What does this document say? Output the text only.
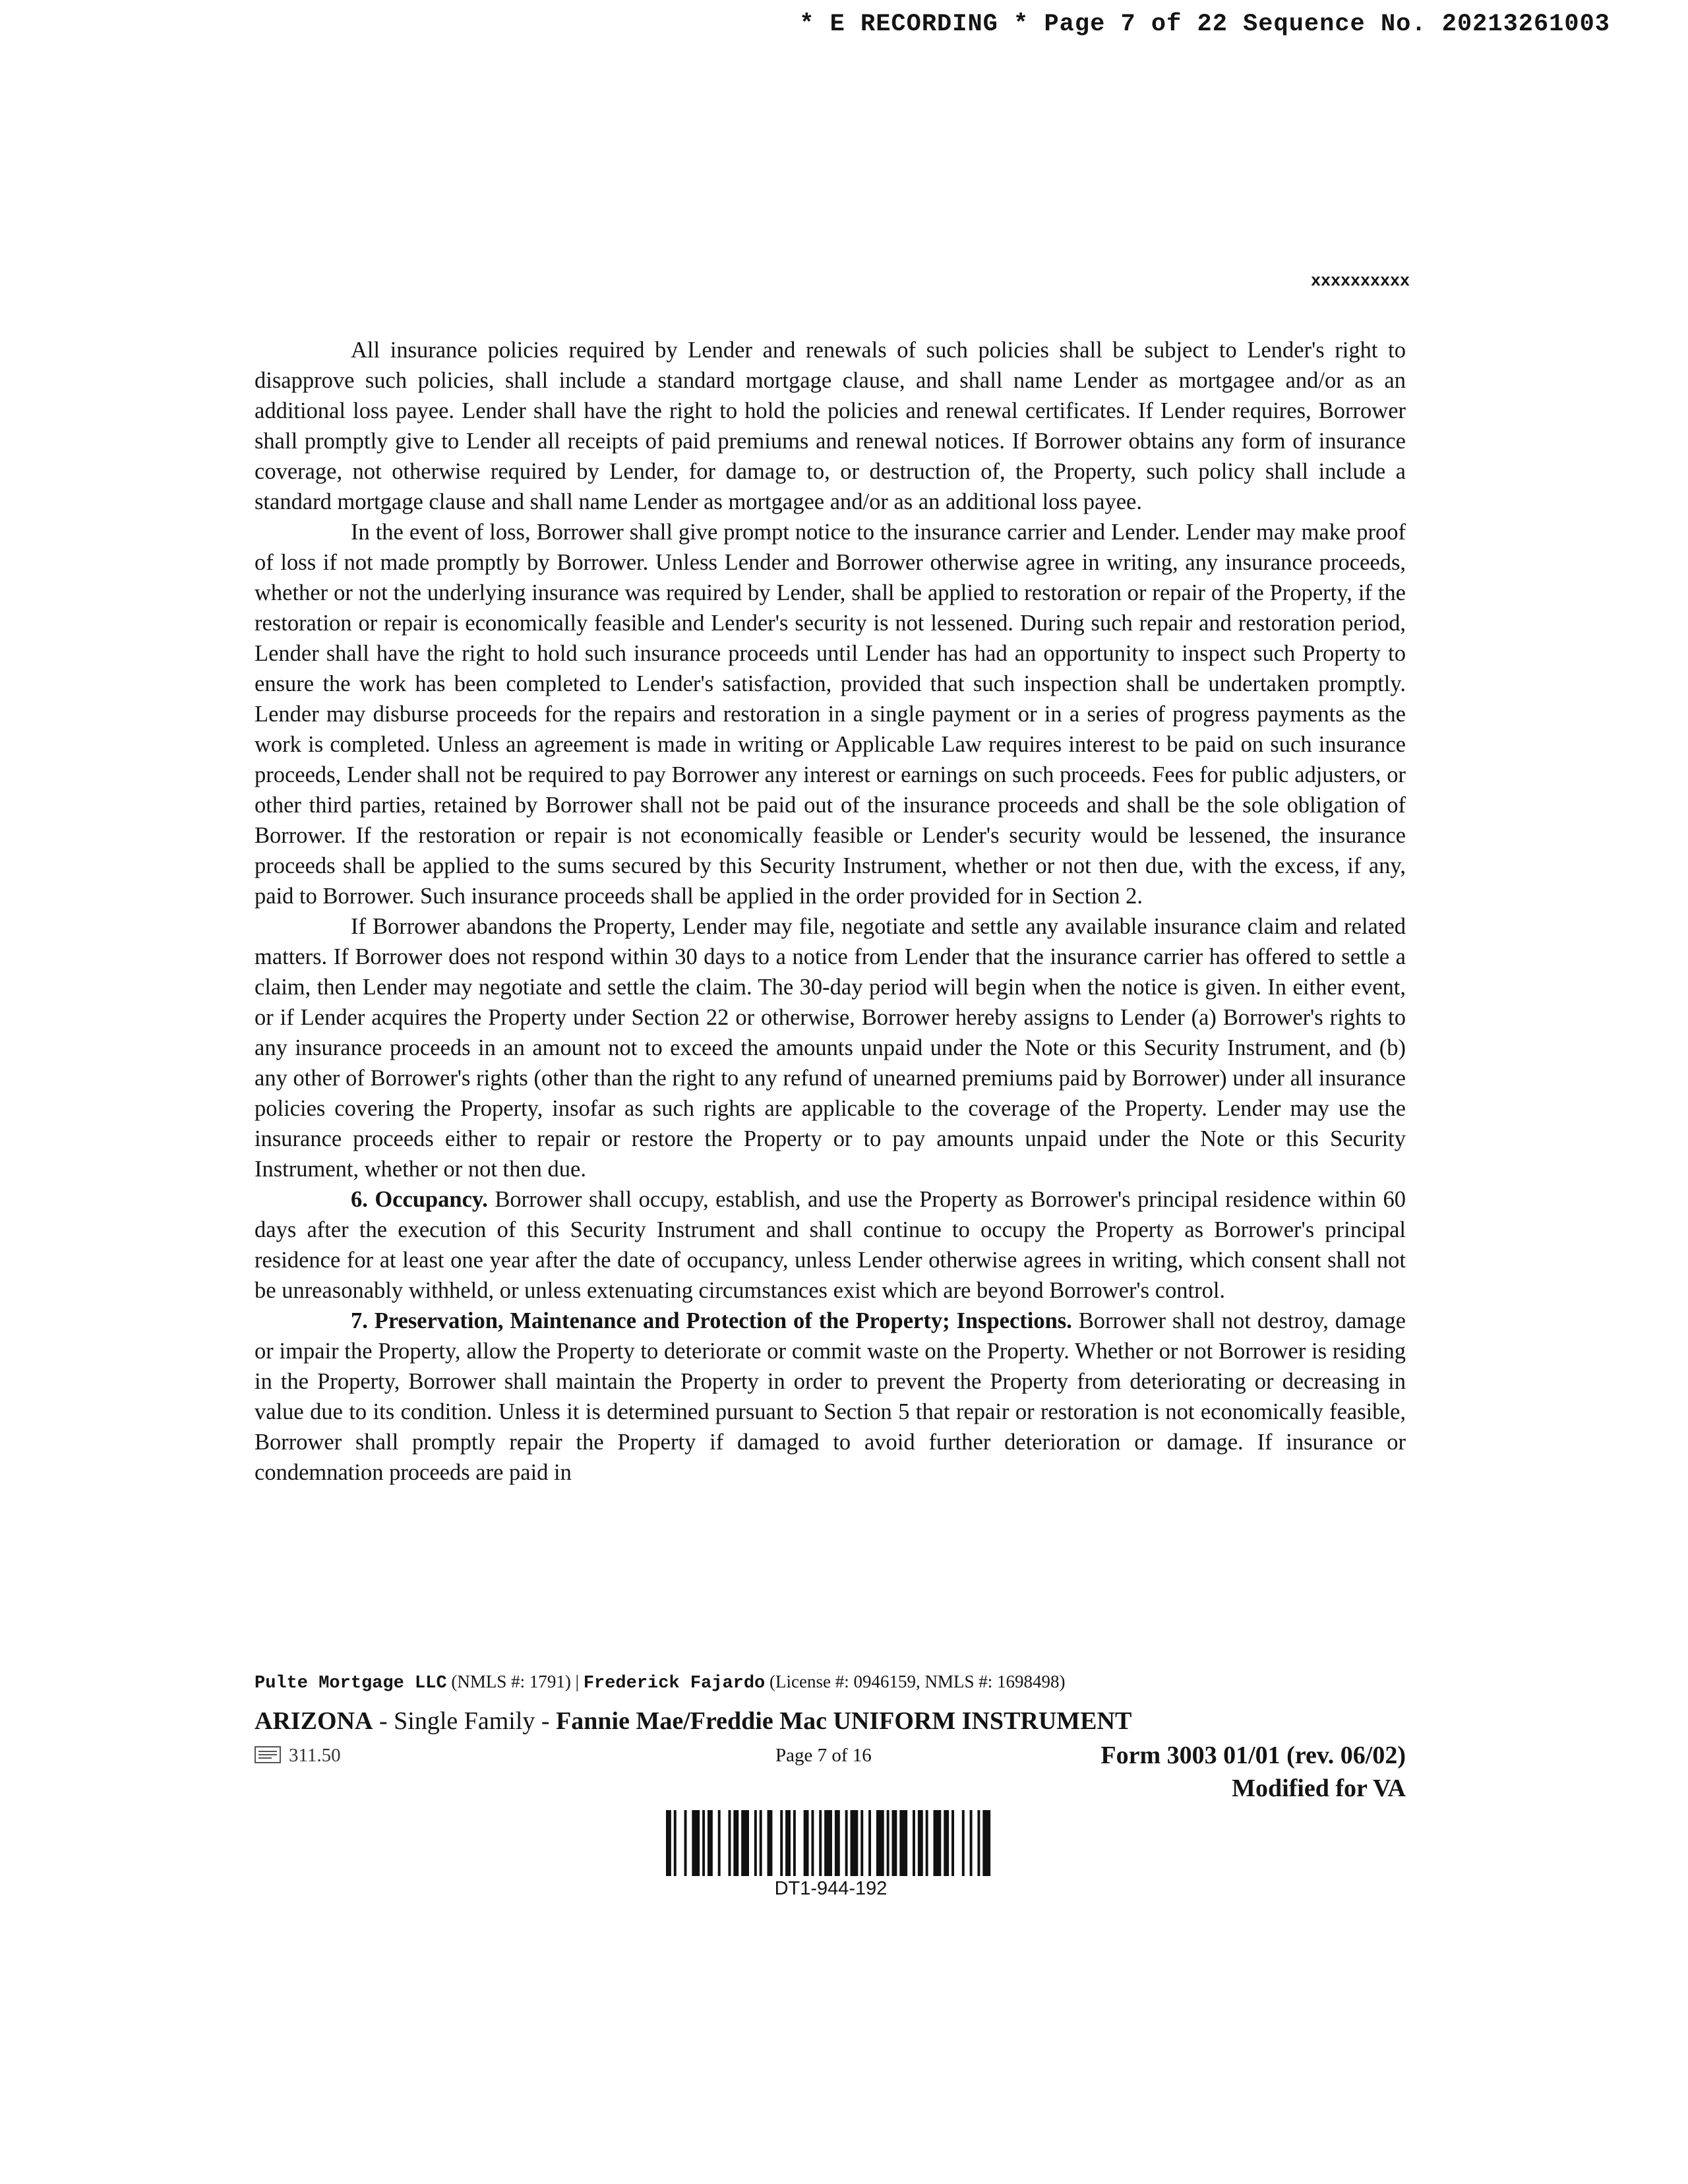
* E RECORDING * Page 7 of 22 Sequence No. 20213261003
xxxxxxxxxx

All insurance policies required by Lender and renewals of such policies shall be subject to Lender's right to disapprove such policies, shall include a standard mortgage clause, and shall name Lender as mortgagee and/or as an additional loss payee. Lender shall have the right to hold the policies and renewal certificates. If Lender requires, Borrower shall promptly give to Lender all receipts of paid premiums and renewal notices. If Borrower obtains any form of insurance coverage, not otherwise required by Lender, for damage to, or destruction of, the Property, such policy shall include a standard mortgage clause and shall name Lender as mortgagee and/or as an additional loss payee.

In the event of loss, Borrower shall give prompt notice to the insurance carrier and Lender. Lender may make proof of loss if not made promptly by Borrower. Unless Lender and Borrower otherwise agree in writing, any insurance proceeds, whether or not the underlying insurance was required by Lender, shall be applied to restoration or repair of the Property, if the restoration or repair is economically feasible and Lender's security is not lessened. During such repair and restoration period, Lender shall have the right to hold such insurance proceeds until Lender has had an opportunity to inspect such Property to ensure the work has been completed to Lender's satisfaction, provided that such inspection shall be undertaken promptly. Lender may disburse proceeds for the repairs and restoration in a single payment or in a series of progress payments as the work is completed. Unless an agreement is made in writing or Applicable Law requires interest to be paid on such insurance proceeds, Lender shall not be required to pay Borrower any interest or earnings on such proceeds. Fees for public adjusters, or other third parties, retained by Borrower shall not be paid out of the insurance proceeds and shall be the sole obligation of Borrower. If the restoration or repair is not economically feasible or Lender's security would be lessened, the insurance proceeds shall be applied to the sums secured by this Security Instrument, whether or not then due, with the excess, if any, paid to Borrower. Such insurance proceeds shall be applied in the order provided for in Section 2.

If Borrower abandons the Property, Lender may file, negotiate and settle any available insurance claim and related matters. If Borrower does not respond within 30 days to a notice from Lender that the insurance carrier has offered to settle a claim, then Lender may negotiate and settle the claim. The 30-day period will begin when the notice is given. In either event, or if Lender acquires the Property under Section 22 or otherwise, Borrower hereby assigns to Lender (a) Borrower's rights to any insurance proceeds in an amount not to exceed the amounts unpaid under the Note or this Security Instrument, and (b) any other of Borrower's rights (other than the right to any refund of unearned premiums paid by Borrower) under all insurance policies covering the Property, insofar as such rights are applicable to the coverage of the Property. Lender may use the insurance proceeds either to repair or restore the Property or to pay amounts unpaid under the Note or this Security Instrument, whether or not then due.

6. Occupancy. Borrower shall occupy, establish, and use the Property as Borrower's principal residence within 60 days after the execution of this Security Instrument and shall continue to occupy the Property as Borrower's principal residence for at least one year after the date of occupancy, unless Lender otherwise agrees in writing, which consent shall not be unreasonably withheld, or unless extenuating circumstances exist which are beyond Borrower's control.

7. Preservation, Maintenance and Protection of the Property; Inspections. Borrower shall not destroy, damage or impair the Property, allow the Property to deteriorate or commit waste on the Property. Whether or not Borrower is residing in the Property, Borrower shall maintain the Property in order to prevent the Property from deteriorating or decreasing in value due to its condition. Unless it is determined pursuant to Section 5 that repair or restoration is not economically feasible, Borrower shall promptly repair the Property if damaged to avoid further deterioration or damage. If insurance or condemnation proceeds are paid in

Pulte Mortgage LLC (NMLS #: 1791) | Frederick Fajardo (License #: 0946159, NMLS #: 1698498)
ARIZONA - Single Family - Fannie Mae/Freddie Mac UNIFORM INSTRUMENT
311.50	Page 7 of 16	Form 3003 01/01 (rev. 06/02)
Modified for VA
DT1-944-192
